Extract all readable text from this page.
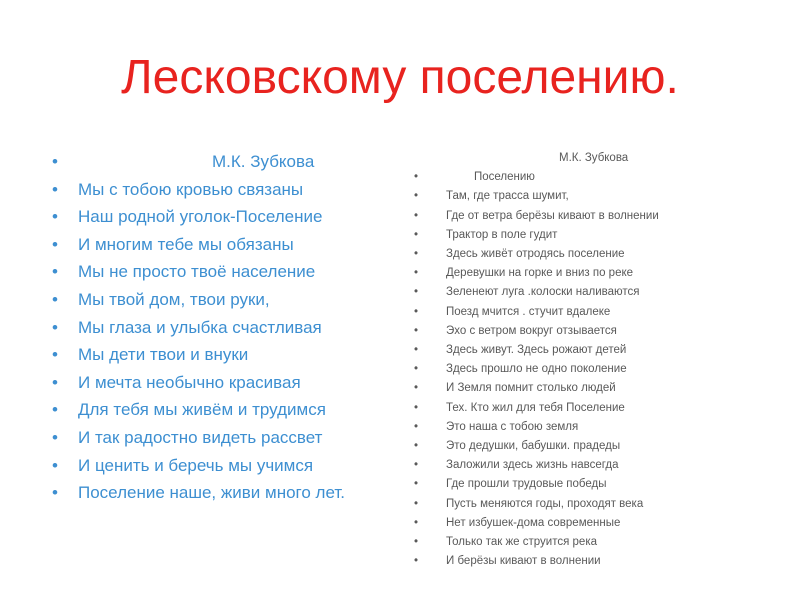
Лесковскому поселению.
• М.К. Зубкова
• Мы с тобою кровью связаны
• Наш родной уголок-Поселение
• И многим тебе мы обязаны
• Мы не просто твоё население
• Мы твой дом, твои руки,
• Мы глаза и улыбка счастливая
• Мы дети твои и внуки
• И мечта необычно красивая
• Для тебя мы живём и трудимся
• И так радостно видеть рассвет
• И ценить и беречь мы учимся
• Поселение наше, живи много лет.
М.К. Зубкова
• Поселению
• Там, где трасса шумит,
• Где от ветра берёзы кивают в волнении
• Трактор в поле гудит
• Здесь живёт отродясь поселение
• Деревушки на горке и вниз по реке
• Зеленеют луга .колоски наливаются
• Поезд мчится . стучит вдалеке
• Эхо с ветром вокруг отзывается
• Здесь живут. Здесь рожают детей
• Здесь прошло не одно поколение
• И Земля помнит столько людей
• Тех. Кто жил для тебя Поселение
• Это наша с тобою земля
• Это дедушки, бабушки. прадеды
• Заложили здесь жизнь навсегда
• Где прошли трудовые победы
• Пусть меняются годы, проходят века
• Нет избушек-дома современные
• Только так же струится река
• И берёзы кивают в волнении
